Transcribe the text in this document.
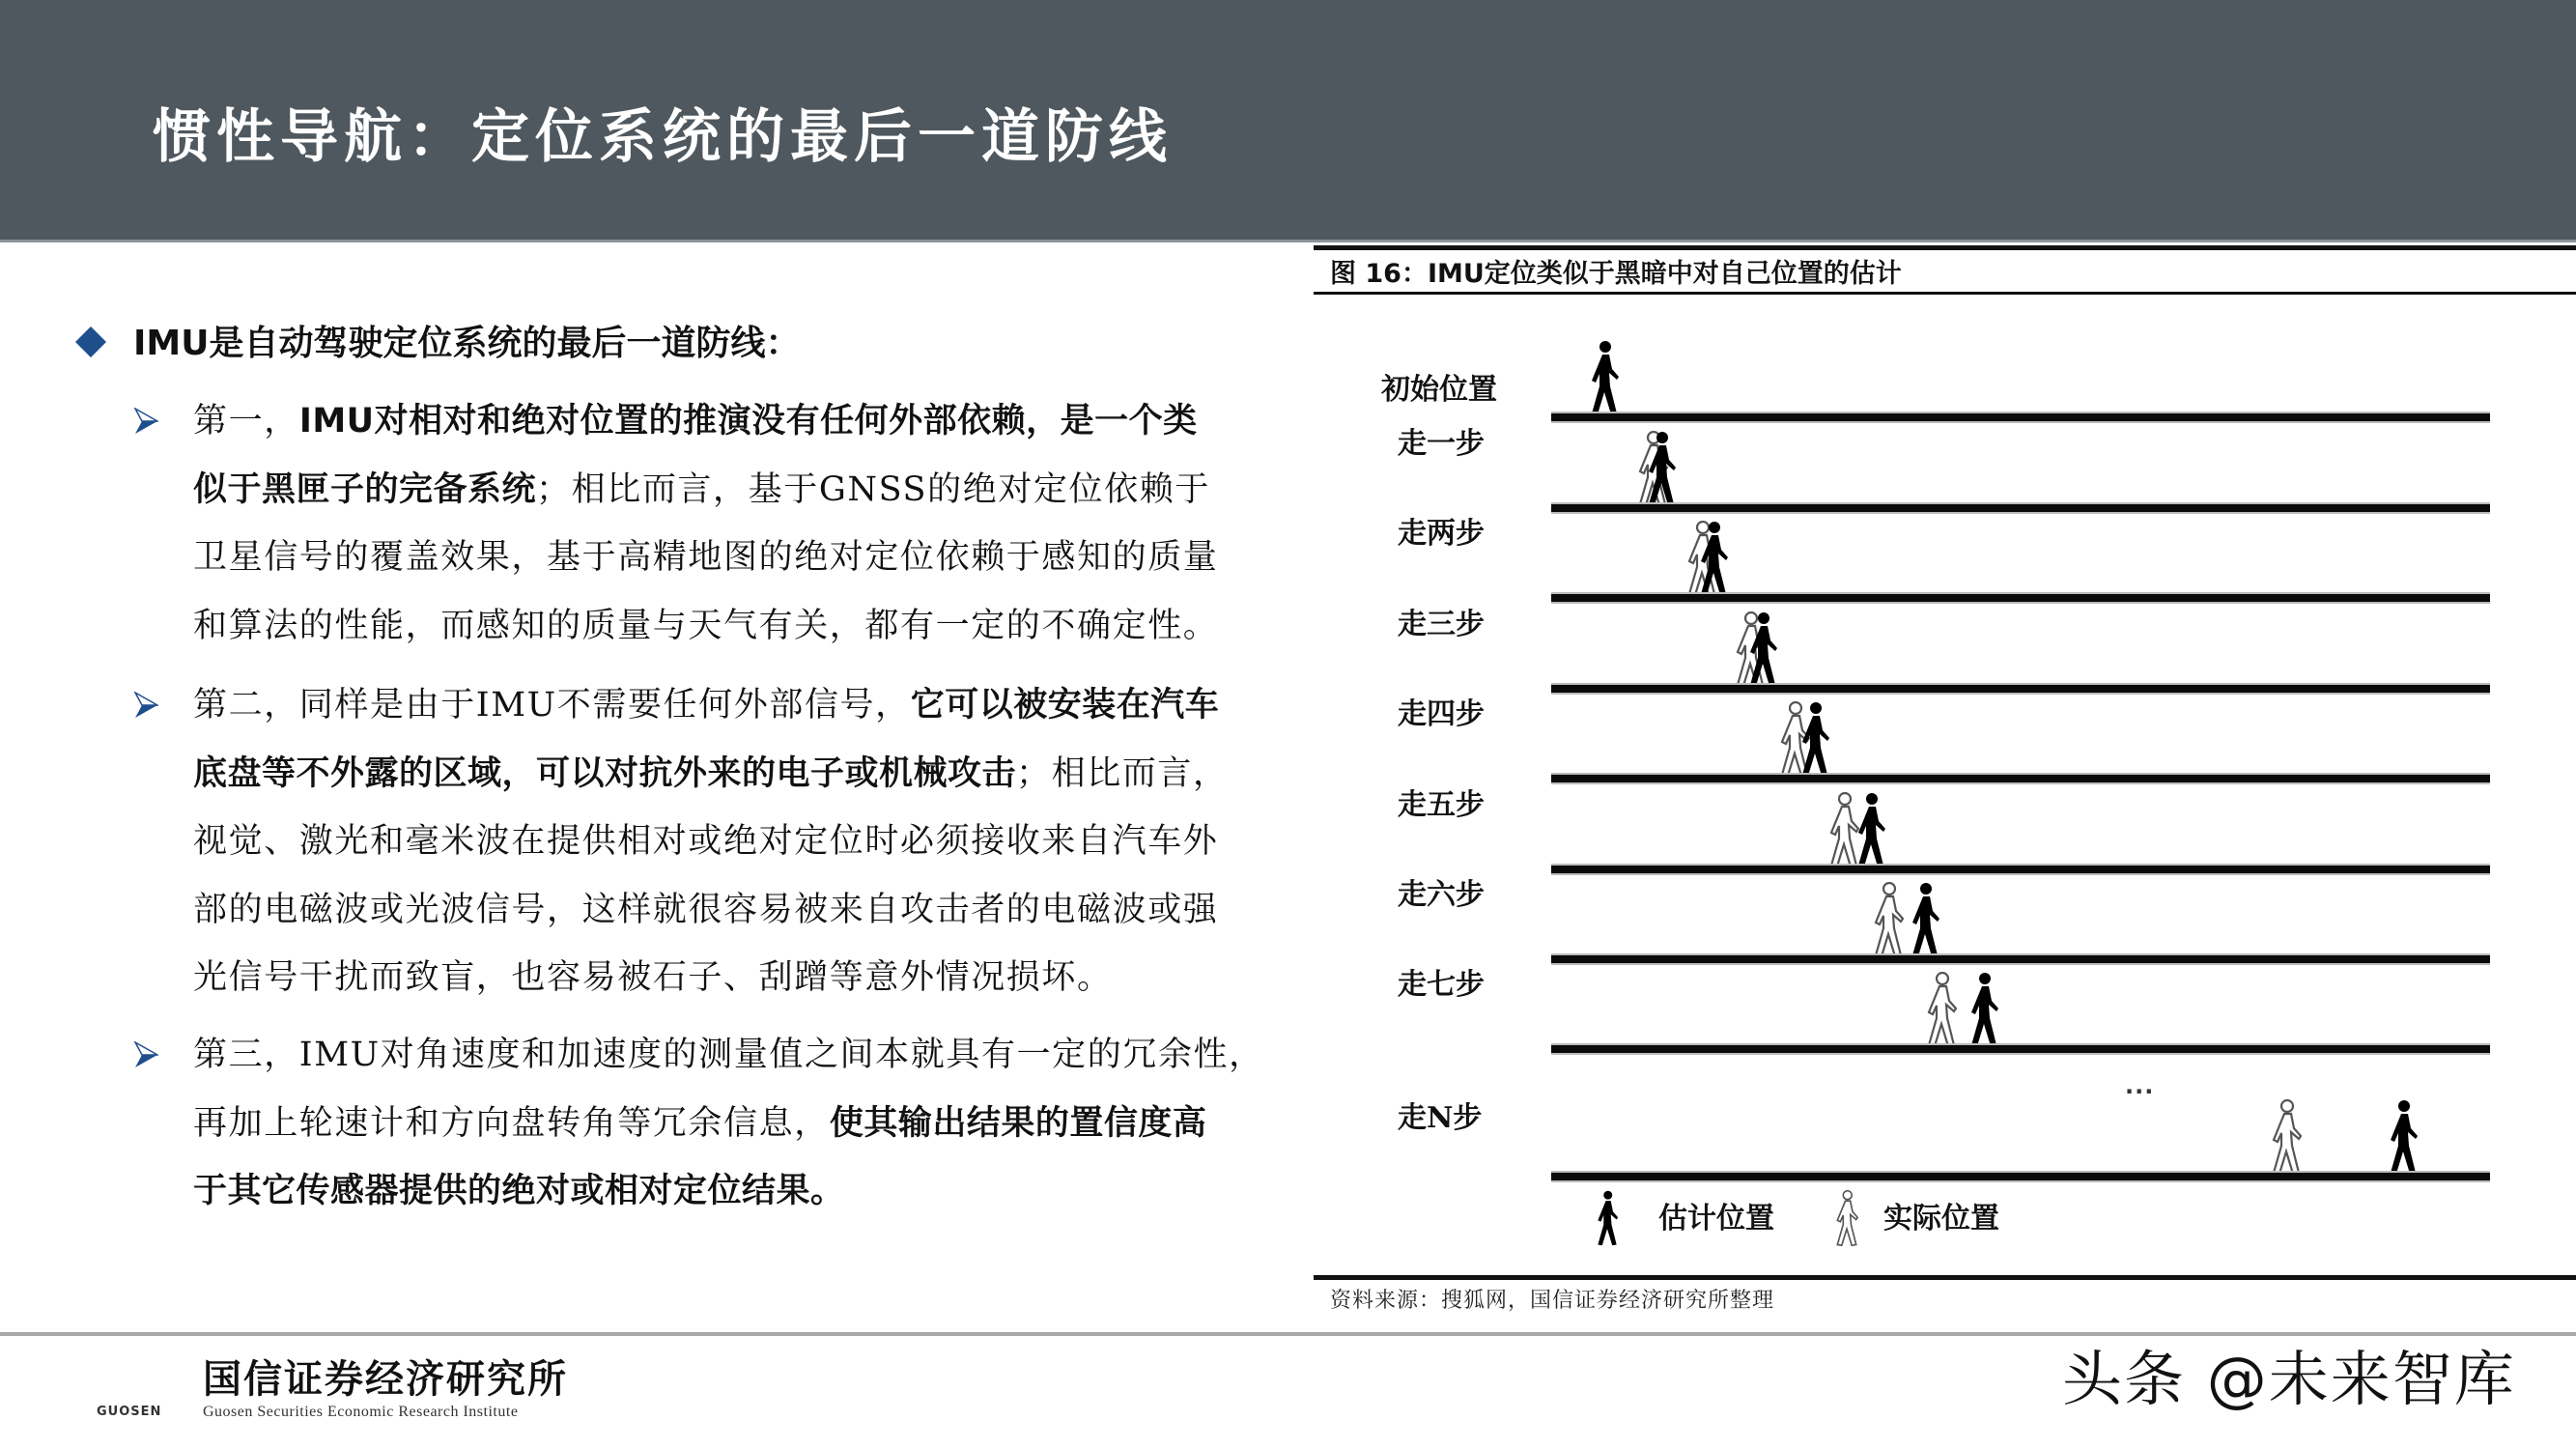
惯性导航：定位系统的最后一道防线
IMU是自动驾驶定位系统的最后一道防线：
第一，IMU对相对和绝对位置的推演没有任何外部依赖，是一个类
似于黑匣子的完备系统；相比而言，基于GNSS的绝对定位依赖于
卫星信号的覆盖效果，基于高精地图的绝对定位依赖于感知的质量
和算法的性能，而感知的质量与天气有关，都有一定的不确定性。
第二，同样是由于IMU不需要任何外部信号，它可以被安装在汽车
底盘等不外露的区域，可以对抗外来的电子或机械攻击；相比而言，
视觉、激光和毫米波在提供相对或绝对定位时必须接收来自汽车外
部的电磁波或光波信号，这样就很容易被来自攻击者的电磁波或强
光信号干扰而致盲，也容易被石子、刮蹭等意外情况损坏。
第三，IMU对角速度和加速度的测量值之间本就具有一定的冗余性，
再加上轮速计和方向盘转角等冗余信息，使其输出结果的置信度高
于其它传感器提供的绝对或相对定位结果。
图 16：IMU定位类似于黑暗中对自己位置的估计
初始位置
走一步
走两步
走三步
走四步
走五步
走六步
走七步
走N步
...
估计位置	实际位置
资料来源：搜狐网，国信证券经济研究所整理
GUOSEN
国信证券经济研究所
Guosen Securities Economic Research Institute	头条 @未来智库
